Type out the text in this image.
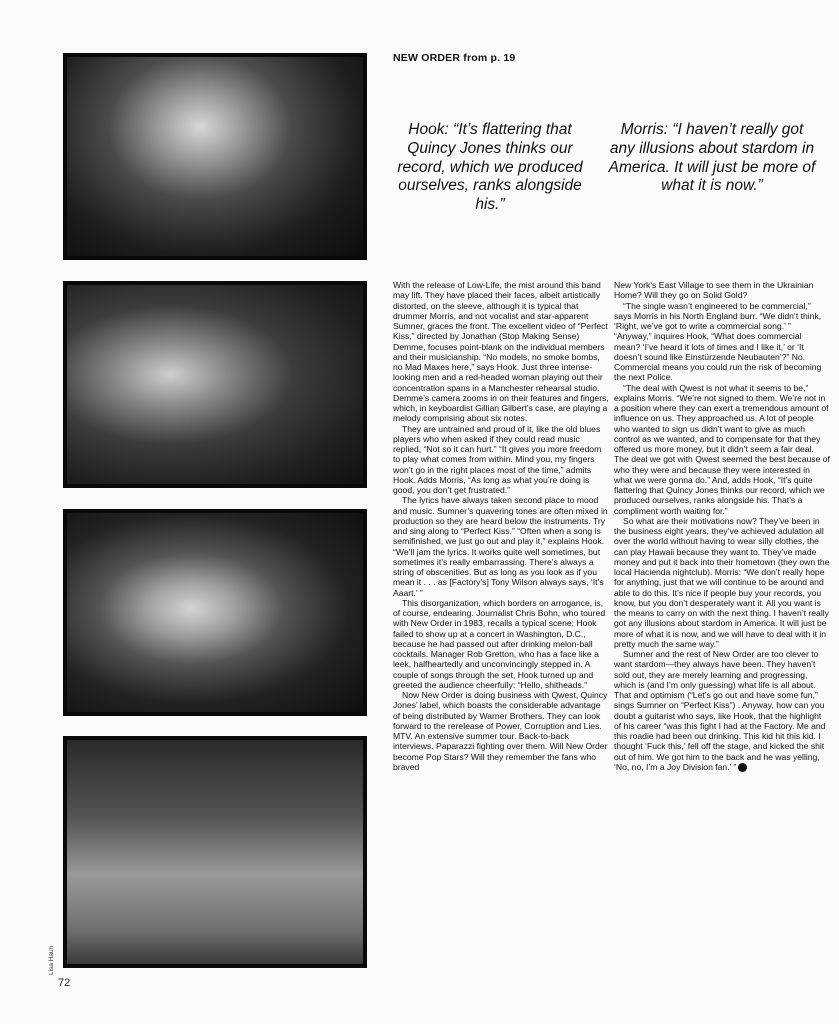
NEW ORDER from p. 19
Hook: “It’s flattering that Quincy Jones thinks our record, which we produced ourselves, ranks alongside his.”
Morris: “I haven’t really got any illusions about stardom in America. It will just be more of what it is now.”

With the release of Low-Life, the mist around this band may lift. They have placed their faces, albeit artistically distorted, on the sleeve, although it is typical that drummer Morris, and not vocalist and star-apparent Sumner, graces the front. The excellent video of “Perfect Kiss,” directed by Jonathan (Stop Making Sense) Demme, focuses point-blank on the individual members and their musicianship. “No models, no smoke bombs, no Mad Maxes here,” says Hook. Just three intense-looking men and a red-headed woman playing out their concentration spans in a Manchester rehearsal studio. Demme’s camera zooms in on their features and fingers, which, in keyboardist Gillian Gilbert’s case, are playing a melody comprising about six notes.

They are untrained and proud of it, like the old blues players who when asked if they could read music replied, “Not so it can hurt.” “It gives you more freedom to play what comes from within. Mind you, my fingers won’t go in the right places most of the time,” admits Hook. Adds Morris, “As long as what you’re doing is good, you don’t get frustrated.”

The lyrics have always taken second place to mood and music. Sumner’s quavering tones are often mixed in production so they are heard below the instruments. Try and sing along to “Perfect Kiss.” “Often when a song is semifinished, we just go out and play it,” explains Hook. “We’ll jam the lyrics. It works quite well sometimes, but sometimes it’s really embarrassing. There’s always a string of obscenities. But as long as you look as if you mean it . . . as [Factory’s] Tony Wilson always says, ‘It’s Aaart.’ ”

This disorganization, which borders on arrogance, is, of course, endearing. Journalist Chris Bohn, who toured with New Order in 1983, recalls a typical scene: Hook failed to show up at a concert in Washington, D.C., because he had passed out after drinking melon-ball cocktails. Manager Rob Gretton, who has a face like a leek, halfheartedly and unconvincingly stepped in. A couple of songs through the set, Hook turned up and greeted the audience cheerfully: “Hello, shitheads.”

Now New Order is doing business with Qwest, Quincy Jones’ label, which boasts the considerable advantage of being distributed by Warner Brothers. They can look forward to the rerelease of Power, Corruption and Lies. MTV. An extensive summer tour. Back-to-back interviews. Paparazzi fighting over them. Will New Order become Pop Stars? Will they remember the fans who braved

New York’s East Village to see them in the Ukrainian Home? Will they go on Solid Gold?

“The single wasn’t engineered to be commercial,” says Morris in his North England burr. “We didn’t think, ‘Right, we’ve got to write a commercial song.’ ” “Anyway,” inquires Hook, “What does commercial mean? ‘I’ve heard it lots of times and I like it,’ or ‘It doesn’t sound like Einstürzende Neubauten’?” No. Commercial means you could run the risk of becoming the next Police.

“The deal with Qwest is not what it seems to be,” explains Morris. “We’re not signed to them. We’re not in a position where they can exert a tremendous amount of influence on us. They approached us. A lot of people who wanted to sign us didn’t want to give as much control as we wanted, and to compensate for that they offered us more money, but it didn’t seem a fair deal. The deal we got with Qwest seemed the best because of who they were and because they were interested in what we were gonna do.” And, adds Hook, “It’s quite flattering that Quincy Jones thinks our record, which we produced ourselves, ranks alongside his. That’s a compliment worth waiting for.”

So what are their motivations now? They’ve been in the business eight years, they’ve achieved adulation all over the world without having to wear silly clothes, the can play Hawaii because they want to. They’ve made money and put it back into their hometown (they own the local Hacienda nightclub). Morris: “We don’t really hope for anything, just that we will continue to be around and able to do this. It’s nice if people buy your records, you know, but you don’t desperately want it. All you want is the means to carry on with the next thing. I haven’t really got any illusions about stardom in America. It will just be more of what it is now, and we will have to deal with it in pretty much the same way.”

Sumner and the rest of New Order are too clever to want stardom—they always have been. They haven’t sold out, they are merely learning and progressing, which is (and I’m only guessing) what life is all about. That and optimism (“Let’s go out and have some fun,” sings Sumner on “Perfect Kiss”) . Anyway, how can you doubt a guitarist who says, like Hook, that the highlight of his career “was this fight I had at the Factory. Me and this roadie had been out drinking. This kid hit this kid. I thought ‘Fuck this,’ fell off the stage, and kicked the shit out of him. We got him to the back and he was yelling, ‘No, no, I’m a Joy Division fan.’ ”

Lisa Haun
72
